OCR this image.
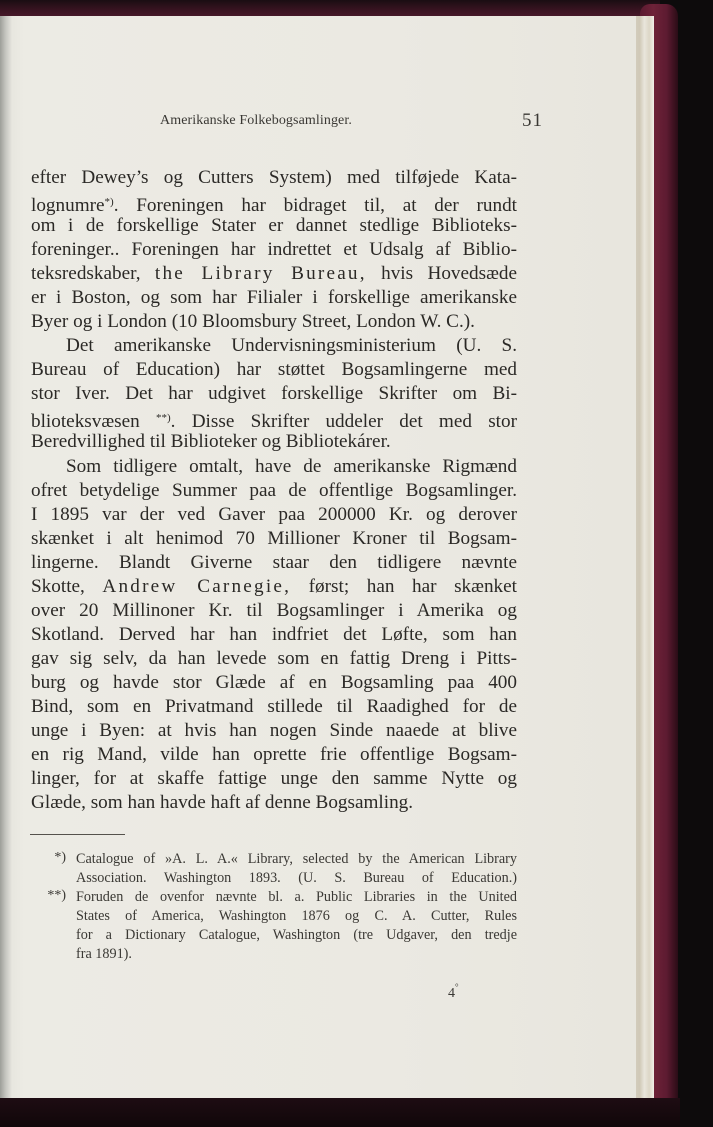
Amerikanske Folkebogsamlinger.	51
efter Dewey’s og Cutters System) med tilføjede Kata-
lognumre*). Foreningen har bidraget til, at der rundt
om i de forskellige Stater er dannet stedlige Biblioteks-
foreninger.. Foreningen har indrettet et Udsalg af Biblio-
teksredskaber, the Library Bureau, hvis Hovedsæde
er i Boston, og som har Filialer i forskellige amerikanske
Byer og i London (10 Bloomsbury Street, London W. C.).
Det amerikanske Undervisningsministerium (U. S.
Bureau of Education) har støttet Bogsamlingerne med
stor Iver. Det har udgivet forskellige Skrifter om Bi-
blioteksvæsen **). Disse Skrifter uddeler det med stor
Beredvillighed til Biblioteker og Bibliotekárer.
Som tidligere omtalt, have de amerikanske Rigmænd
ofret betydelige Summer paa de offentlige Bogsamlinger.
I 1895 var der ved Gaver paa 200000 Kr. og derover
skænket i alt henimod 70 Millioner Kroner til Bogsam-
lingerne. Blandt Giverne staar den tidligere nævnte
Skotte, Andrew Carnegie, først; han har skænket
over 20 Millinoner Kr. til Bogsamlinger i Amerika og
Skotland. Derved har han indfriet det Løfte, som han
gav sig selv, da han levede som en fattig Dreng i Pitts-
burg og havde stor Glæde af en Bogsamling paa 400
Bind, som en Privatmand stillede til Raadighed for de
unge i Byen: at hvis han nogen Sinde naaede at blive
en rig Mand, vilde han oprette frie offentlige Bogsam-
linger, for at skaffe fattige unge den samme Nytte og
Glæde, som han havde haft af denne Bogsamling.
*) Catalogue of »A. L. A.« Library, selected by the American Library
Association. Washington 1893. (U. S. Bureau of Education.)
**) Foruden de ovenfor nævnte bl. a. Public Libraries in the United
States of America, Washington 1876 og C. A. Cutter, Rules
for a Dictionary Catalogue, Washington (tre Udgaver, den tredje
fra 1891).
4°
